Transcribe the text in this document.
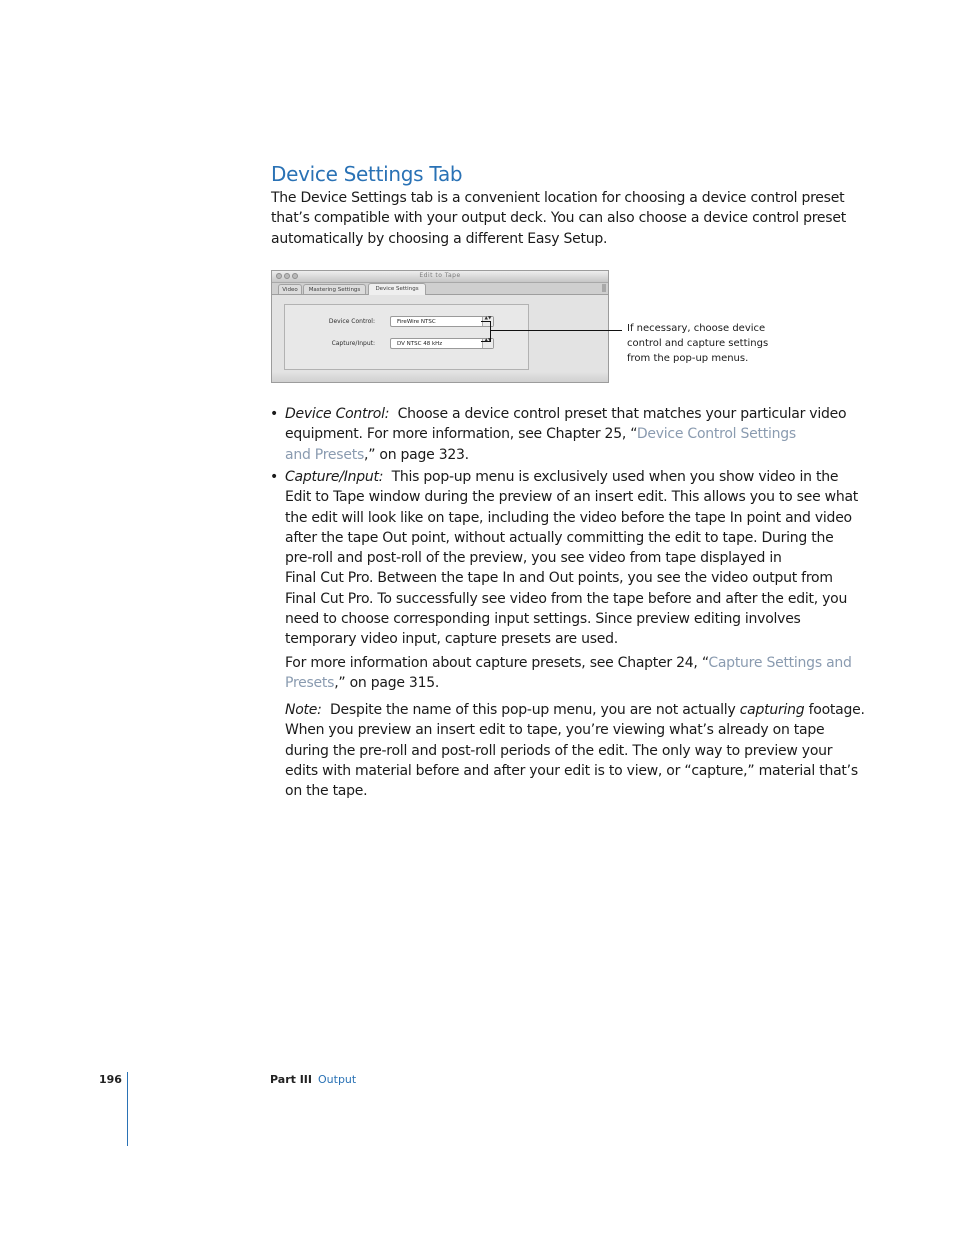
Device Settings Tab

The Device Settings tab is a convenient location for choosing a device control preset
that’s compatible with your output deck. You can also choose a device control preset
automatically by choosing a different Easy Setup.

Edit to Tape
Video	Mastering Settings	Device Settings
Device Control:	FireWire NTSC
▲▼
Capture/Input:	DV NTSC 48 kHz
▲▼

If necessary, choose device
control and capture settings
from the pop-up menus.

• Device Control: Choose a device control preset that matches your particular video
equipment. For more information, see Chapter 25, “Device Control Settings
and Presets,” on page 323.

• Capture/Input: This pop-up menu is exclusively used when you show video in the
Edit to Tape window during the preview of an insert edit. This allows you to see what
the edit will look like on tape, including the video before the tape In point and video
after the tape Out point, without actually committing the edit to tape. During the
pre-roll and post-roll of the preview, you see video from tape displayed in
Final Cut Pro. Between the tape In and Out points, you see the video output from
Final Cut Pro. To successfully see video from the tape before and after the edit, you
need to choose corresponding input settings. Since preview editing involves
temporary video input, capture presets are used.

For more information about capture presets, see Chapter 24, “Capture Settings and
Presets,” on page 315.

Note: Despite the name of this pop-up menu, you are not actually capturing footage.
When you preview an insert edit to tape, you’re viewing what’s already on tape
during the pre-roll and post-roll periods of the edit. The only way to preview your
edits with material before and after your edit is to view, or “capture,” material that’s
on the tape.

196	Part III Output
